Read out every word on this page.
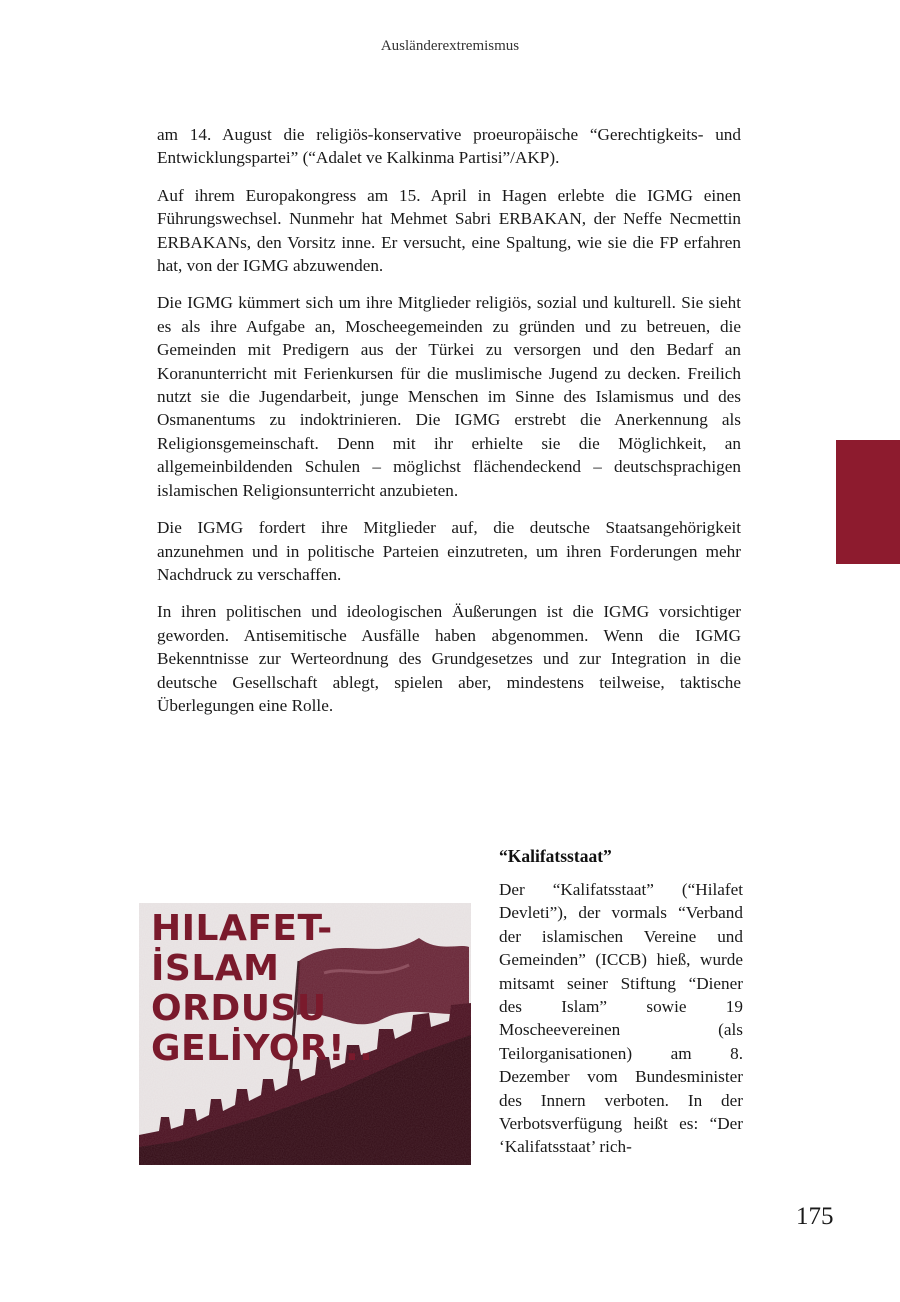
Ausländerextremismus

am 14. August die religiös-konservative proeuropäische “Gerechtigkeits- und Entwicklungspartei” (“Adalet ve Kalkinma Partisi”/AKP).

Auf ihrem Europakongress am 15. April in Hagen erlebte die IGMG einen Führungswechsel. Nunmehr hat Mehmet Sabri ERBAKAN, der Neffe Necmettin ERBAKANs, den Vorsitz inne. Er versucht, eine Spaltung, wie sie die FP erfahren hat, von der IGMG abzuwenden.

Die IGMG kümmert sich um ihre Mitglieder religiös, sozial und kulturell. Sie sieht es als ihre Aufgabe an, Moscheegemeinden zu gründen und zu betreuen, die Gemeinden mit Predigern aus der Türkei zu versorgen und den Bedarf an Koranunterricht mit Ferienkursen für die muslimische Jugend zu decken. Freilich nutzt sie die Jugendarbeit, junge Menschen im Sinne des Islamismus und des Osmanentums zu indoktrinieren. Die IGMG erstrebt die Anerkennung als Religionsgemeinschaft. Denn mit ihr erhielte sie die Möglichkeit, an allgemeinbildenden Schulen – möglichst flächendeckend – deutschsprachigen islamischen Religionsunterricht anzubieten.

Die IGMG fordert ihre Mitglieder auf, die deutsche Staatsangehörigkeit anzunehmen und in politische Parteien einzutreten, um ihren Forderungen mehr Nachdruck zu verschaffen.

In ihren politischen und ideologischen Äußerungen ist die IGMG vorsichtiger geworden. Antisemitische Ausfälle haben abgenommen. Wenn die IGMG Bekenntnisse zur Werteordnung des Grundgesetzes und zur Integration in die deutsche Gesellschaft ablegt, spielen aber, mindestens teilweise, taktische Überlegungen eine Rolle.

HILAFET-
İSLAM
ORDUSU
GELİYOR!..
“Kalifatsstaat”

Der “Kalifatsstaat” (“Hilafet Devleti”), der vormals “Verband der islamischen Vereine und Gemeinden” (ICCB) hieß, wurde mitsamt seiner Stiftung “Diener des Islam” sowie 19 Moscheevereinen (als Teilorganisationen) am 8. Dezember vom Bundesminister des Innern verboten. In der Verbotsverfügung heißt es: “Der ‘Kalifatsstaat’ rich-

175
